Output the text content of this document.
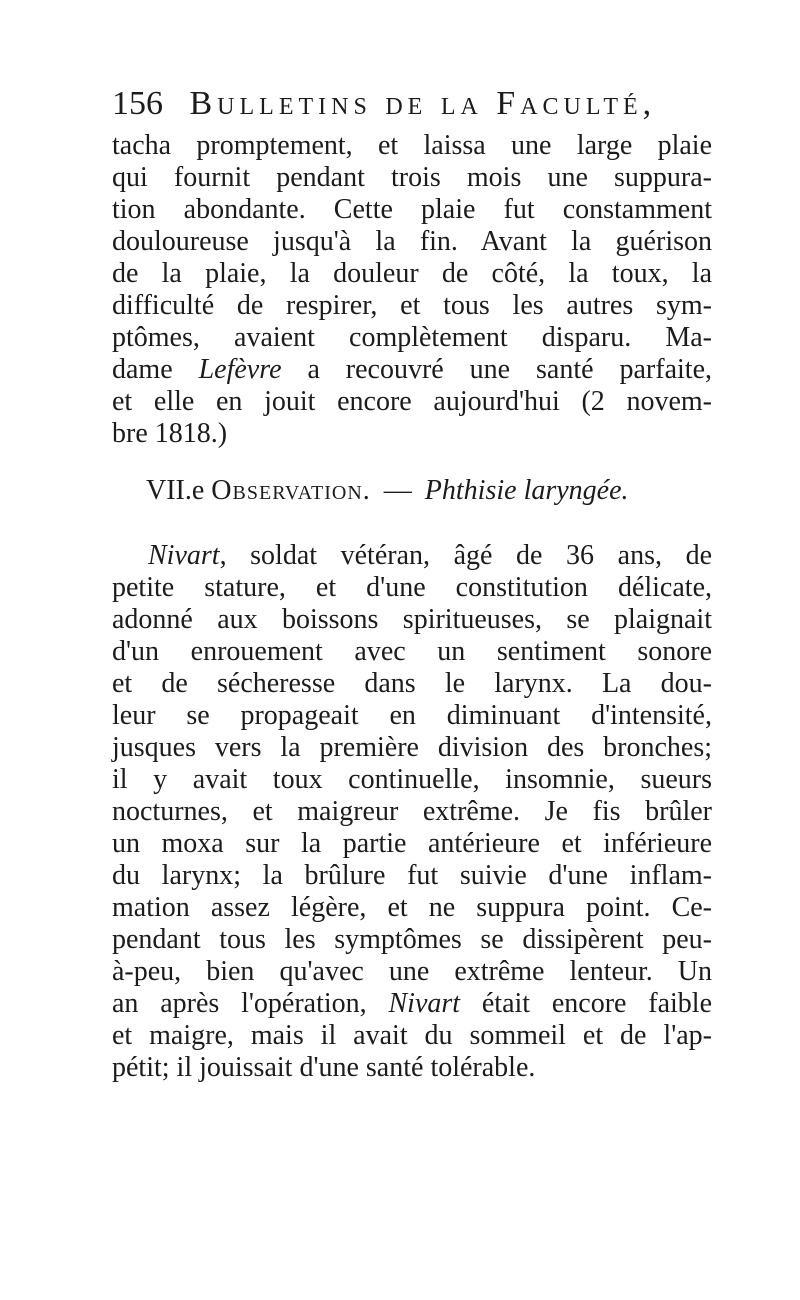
156 Bulletins de la Faculté,
tacha promptement, et laissa une large plaie
qui fournit pendant trois mois une suppura-
tion abondante. Cette plaie fut constamment
douloureuse jusqu'à la fin. Avant la guérison
de la plaie, la douleur de côté, la toux, la
difficulté de respirer, et tous les autres sym-
ptômes, avaient complètement disparu. Ma-
dame Lefèvre a recouvré une santé parfaite,
et elle en jouit encore aujourd'hui (2 novem-
bre 1818.)
VII.e Observation. — Phthisie laryngée.
Nivart, soldat vétéran, âgé de 36 ans, de
petite stature, et d'une constitution délicate,
adonné aux boissons spiritueuses, se plaignait
d'un enrouement avec un sentiment sonore
et de sécheresse dans le larynx. La dou-
leur se propageait en diminuant d'intensité,
jusques vers la première division des bronches;
il y avait toux continuelle, insomnie, sueurs
nocturnes, et maigreur extrême. Je fis brûler
un moxa sur la partie antérieure et inférieure
du larynx; la brûlure fut suivie d'une inflam-
mation assez légère, et ne suppura point. Ce-
pendant tous les symptômes se dissipèrent peu-
à-peu, bien qu'avec une extrême lenteur. Un
an après l'opération, Nivart était encore faible
et maigre, mais il avait du sommeil et de l'ap-
pétit; il jouissait d'une santé tolérable.
